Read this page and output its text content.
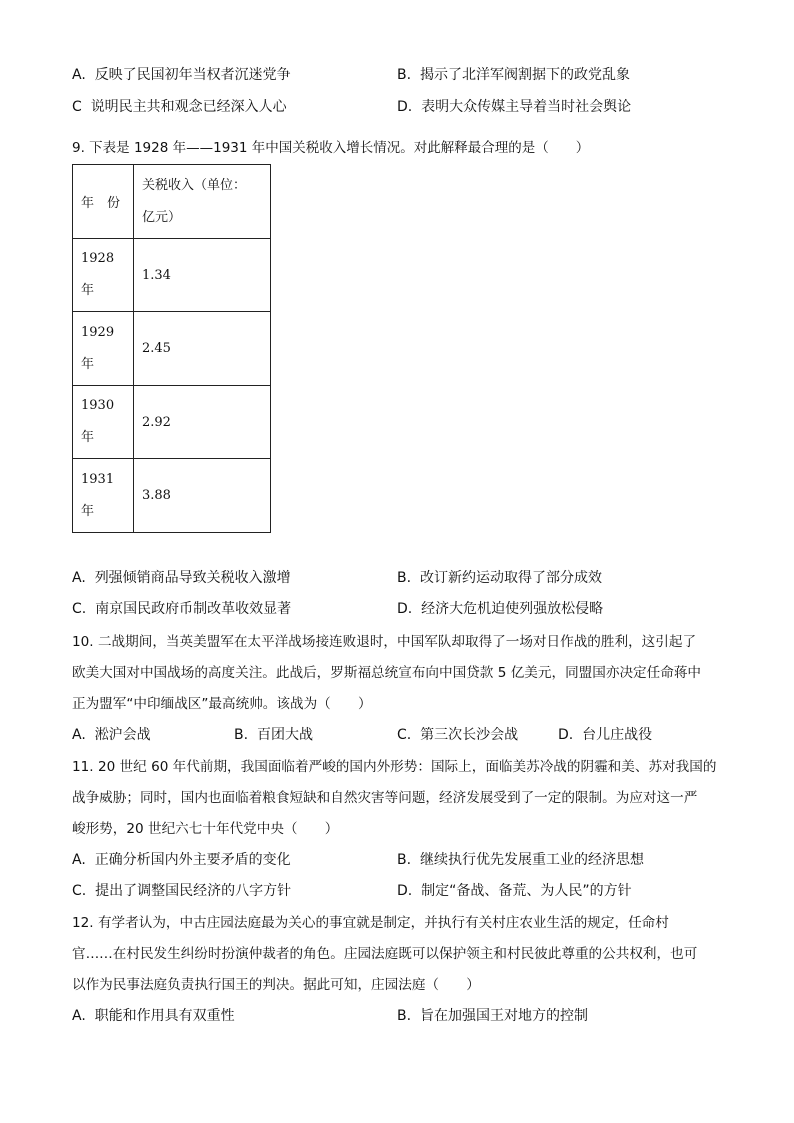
A. 反映了民国初年当权者沉迷党争	B. 揭示了北洋军阀割据下的政党乱象
C 说明民主共和观念已经深入人心	D. 表明大众传媒主导着当时社会舆论
9. 下表是 1928 年——1931 年中国关税收入增长情况。对此解释最合理的是（　　）
年　份	关税收入（单位：
亿元）

1928
年	1.34

1929
年	2.45

1930
年	2.92

1931
年	3.88
A. 列强倾销商品导致关税收入激增	B. 改订新约运动取得了部分成效
C. 南京国民政府币制改革收效显著	D. 经济大危机迫使列强放松侵略
10. 二战期间，当英美盟军在太平洋战场接连败退时，中国军队却取得了一场对日作战的胜利，这引起了
欧美大国对中国战场的高度关注。此战后，罗斯福总统宣布向中国贷款 5 亿美元，同盟国亦决定任命蒋中
正为盟军“中印缅战区”最高统帅。该战为（　　）
A. 淞沪会战	B. 百团大战	C. 第三次长沙会战	D. 台儿庄战役
11. 20 世纪 60 年代前期，我国面临着严峻的国内外形势：国际上，面临美苏冷战的阴霾和美、苏对我国的
战争威胁；同时，国内也面临着粮食短缺和自然灾害等问题，经济发展受到了一定的限制。为应对这一严
峻形势，20 世纪六七十年代党中央（　　）
A. 正确分析国内外主要矛盾的变化	B. 继续执行优先发展重工业的经济思想
C. 提出了调整国民经济的八字方针	D. 制定“备战、备荒、为人民”的方针
12. 有学者认为，中古庄园法庭最为关心的事宜就是制定，并执行有关村庄农业生活的规定，任命村
官……在村民发生纠纷时扮演仲裁者的角色。庄园法庭既可以保护领主和村民彼此尊重的公共权利，也可
以作为民事法庭负责执行国王的判决。据此可知，庄园法庭（　　）
A. 职能和作用具有双重性	B. 旨在加强国王对地方的控制
